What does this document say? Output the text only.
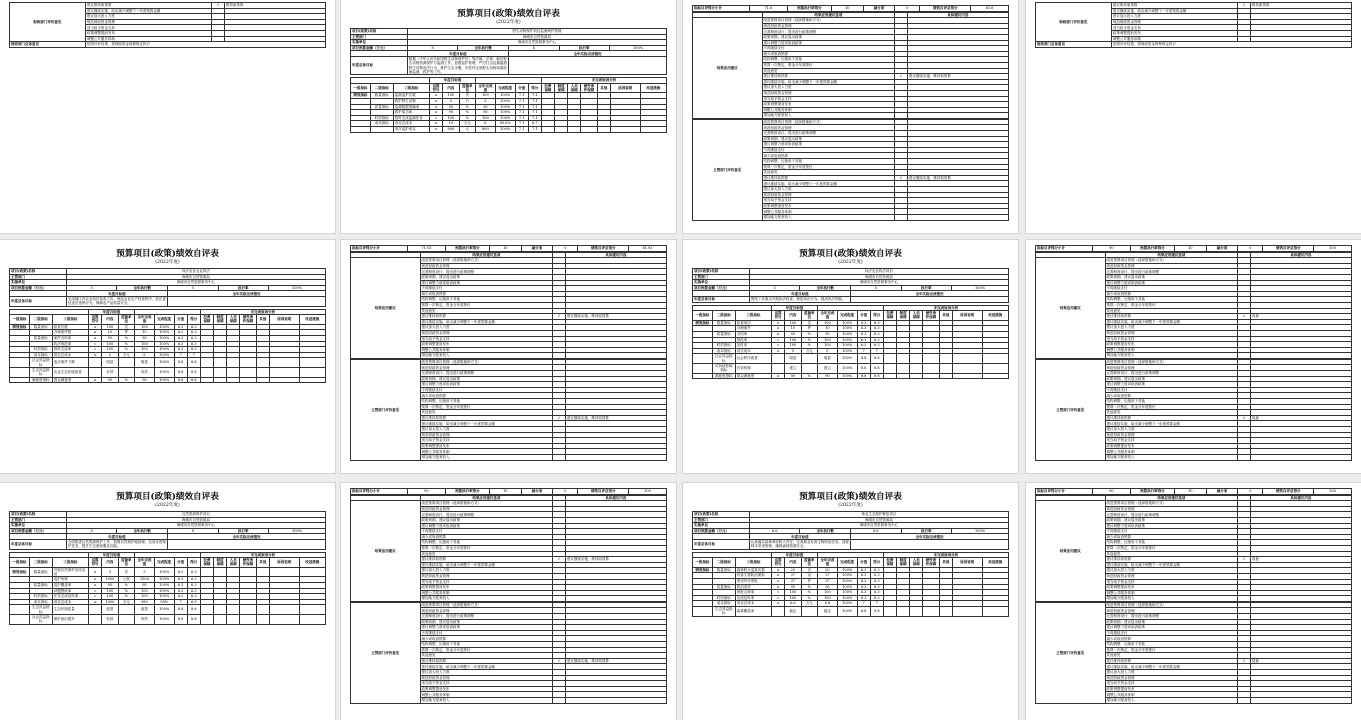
财政部门评价意见	建议维持原预算	√	维持原预算
建议继续实施，给出减少调整下一年度预算金额		
建议加大投入力度		
规范财政资金管理		
适当给予资金支持		
政策调整提前发布		
调整公共服务体制		
财政部门总体意见	依照评价结果，按财政资金管理规定执行
预算项目(政策)绩效自评表
(2022年度)
项目(政策)名称	野生动物保护项目监测保护管理
主管部门	海城市自然资源局
实施单位	海城市自然资源事务中心
项目预算金额（万元）	8	全年执行数	8	执行率	100%
	年度目标值	全年实际完成情况
年度总体目标	根据《中华人民共和国野生动物保护法》等法律、法规，做好野生动物资源保护与监测工作，加强巡护管理，严厉打击乱捕滥猎野生动物违法行为，维护生态平衡，年度内完成野生动物疫源疫病监测、救护等工作。	
	年度目标值		未完成原因分析
一级指标	二级指标	三级指标	运算符号	内容	度量单位	全年完成值	完成程度	分值	得分	经费保障	制度保障	人员保障	硬件条件保障	其他	原因说明	改进措施
绩效指标	数量指标	监测巡护次数	≥	100	次	100	100%	7.1	7.1							
		救护野生动物	≥	5	只	5	100%	7.1	7.1							
	质量指标	监测数据准确率	≥	95	%	95	100%	7.1	7.1							
		救护成功率	≥	90	%	90	100%	7.1	7.1							
	时效指标	按时完成监测任务	=	100	%	100	100%	7.1	7.1							
	成本指标	项目总成本	≤	10	万元	8	80.0%	7.1	6.7							
		单次巡护成本	≤	800	元	800	100%	7.1	7.1							
指标自评得分小计	71.6	预算执行率得分	10	减分项	0	绩效自评总得分	81.6
	结果应用建议选项		具体建议内容
结果应用建议	改进预算项目管理（选择措施和方式）		
规范财政资金管理		
完善制度设计，提出进行政策调整		
政策到期，建议退出政策		
建议调整力度或取消政策		
不再继续支付		
减少或取消预算		
结构调整，压缩用于其他		
预算一次核定，资金分年度拨付		
其他意见		
建议维持原预算	√	建议继续实施，维持原预算
建议继续实施，给出减少调整下一年度预算金额		
建议加大投入力度		
规范财政资金管理		
适当给予资金支持		
政策调整提前发布		
调整公共服务体制		
增加地方配套投入		
主管部门评价意见	改进预算项目管理（选择措施和方式）		
规范财政资金管理		
完善制度设计，提出进行政策调整		
政策到期，建议退出政策		
建议调整力度或取消政策		
不再继续支付		
减少或取消预算		
结构调整，压缩用于其他		
预算一次核定，资金分年度拨付		
其他意见		
建议维持原预算	√	建议继续实施，维持原预算
建议继续实施，给出减少调整下一年度预算金额		
建议加大投入力度		
规范财政资金管理		
适当给予资金支持		
政策调整提前发布		
调整公共服务体制		
增加地方配套投入		
财政部门评价意见	建议维持原预算	√	维持原预算
建议继续实施，给出减少调整下一年度预算金额		
建议加大投入力度		
规范财政资金管理		
适当给予资金支持		
政策调整提前发布		
调整公共服务体制		
财政部门总体意见	依照评价结果，按财政资金管理规定执行
预算项目(政策)绩效自评表
(2022年度)
项目(政策)名称	执法农业农业执法
主管部门	海城市自然资源局
实施单位	海城市自然资源事务中心
项目预算金额（万元）	5	全年执行数	5	执行率	100%
	年度目标值	全年实际完成情况
年度总体目标	完成辖区内农业执法检查工作，规范农业生产经营秩序，依法查处违法违规行为，保障农产品质量安全。	
	年度目标值		未完成原因分析
一级指标	二级指标	三级指标	运算符号	内容	度量单位	全年完成值	完成程度	分值	得分	经费保障	制度保障	人员保障	硬件条件保障	其他	原因说明	改进措施
绩效指标	数量指标	检查次数	≥	100	次	100	100%	6.3	6.3							
		办理案件数	≥	10	件	10	100%	6.3	6.3							
	质量指标	案件办结率	≥	95	%	95	100%	6.3	6.3							
		执法规范率	=	100	%	100	100%	6.3	6.3							
	时效指标	按时完成率	=	100	%	100	100%	6.3	6.3							
	成本指标	项目总成本	≤	5	万元	5	100%	7	7							
	社会效益指标	违法案件下降		明显		明显	100%	8.8	8.8							
	生态效益指标	农业生态环境改善		有效		有效	100%	8.8	8.8							
	满意度指标	群众满意度	≥	90	%	90	100%	8.8	8.8							
指标自评得分小计	71.93	预算执行率得分	10	减分项	0	绩效自评总得分	81.93
	结果应用建议选项		具体建议内容
结果应用建议	改进预算项目管理（选择措施和方式）		
规范财政资金管理		
完善制度设计，提出进行政策调整		
政策到期，建议退出政策		
建议调整力度或取消政策		
不再继续支付		
减少或取消预算		
结构调整，压缩用于其他		
预算一次核定，资金分年度拨付		
其他意见		
建议维持原预算	√	建议继续实施，维持原预算
建议继续实施，给出减少调整下一年度预算金额		
建议加大投入力度		
规范财政资金管理		
适当给予资金支持		
政策调整提前发布		
调整公共服务体制		
增加地方配套投入		
主管部门评价意见	改进预算项目管理（选择措施和方式）		
规范财政资金管理		
完善制度设计，提出进行政策调整		
政策到期，建议退出政策		
建议调整力度或取消政策		
不再继续支付		
减少或取消预算		
结构调整，压缩用于其他		
预算一次核定，资金分年度拨付		
其他意见		
建议维持原预算	√	建议继续实施，维持原预算
建议继续实施，给出减少调整下一年度预算金额		
建议加大投入力度		
规范财政资金管理		
适当给予资金支持		
政策调整提前发布		
调整公共服务体制		
增加地方配套投入		
预算项目(政策)绩效自评表
(2022年度)
项目(政策)名称	执法农业执法项目
主管部门	海城市自然资源局
实施单位	海城市自然资源事务中心
项目预算金额（万元）	5	全年执行数	5	执行率	100%
	年度目标值	全年实际完成情况
年度总体目标	围绕工作重点开展执法检查，规范执法行为，提高执法效能。	
	年度目标值		未完成原因分析
一级指标	二级指标	三级指标	运算符号	内容	度量单位	全年完成值	完成程度	分值	得分	经费保障	制度保障	人员保障	硬件条件保障	其他	原因说明	改进措施
绩效指标	数量指标	检查场次	≥	100	次	100	100%	6.3	6.3							
		办理案件	≥	10	件	10	100%	6.3	6.3							
	质量指标	办结率	≥	95	%	95	100%	6.3	6.3							
		规范率	=	100	%	100	100%	6.3	6.3							
	时效指标	及时率	=	100	%	100	100%	6.3	6.3							
	成本指标	项目成本	≤	5	万元	5	100%	7	7							
	社会效益指标	社会秩序改善		明显		明显	100%	8.8	8.8							
	可持续影响指标	长效机制		建立		建立	100%	8.8	8.8							
	满意度指标	群众满意度	≥	90	%	90	100%	8.8	8.8							
指标自评得分小计	90	预算执行率得分	10	减分项	0	绩效自评总得分	100
	结果应用建议选项		具体建议内容
结果应用建议	改进预算项目管理（选择措施和方式）		
规范财政资金管理		
完善制度设计，提出进行政策调整		
政策到期，建议退出政策		
建议调整力度或取消政策		
不再继续支付		
减少或取消预算		
结构调整，压缩用于其他		
预算一次核定，资金分年度拨付		
其他意见		
建议维持原预算	√	同意
建议继续实施，给出减少调整下一年度预算金额		
建议加大投入力度		
规范财政资金管理		
适当给予资金支持		
政策调整提前发布		
调整公共服务体制		
增加地方配套投入		
主管部门评价意见	改进预算项目管理（选择措施和方式）		
规范财政资金管理		
完善制度设计，提出进行政策调整		
政策到期，建议退出政策		
建议调整力度或取消政策		
不再继续支付		
减少或取消预算		
结构调整，压缩用于其他		
预算一次核定，资金分年度拨付		
其他意见		
建议维持原预算	√	同意
建议继续实施，给出减少调整下一年度预算金额		
建议加大投入力度		
规范财政资金管理		
适当给予资金支持		
政策调整提前发布		
调整公共服务体制		
增加地方配套投入		
预算项目(政策)绩效自评表
(2022年度)
项目(政策)名称	自然资源保护项目
主管部门	海城市自然资源局
实施单位	海城市自然资源事务中心
项目预算金额（万元）	8	全年执行数	8	执行率	100%
	年度目标值	全年实际完成情况
年度总体目标	全面推进自然资源保护工作，加强自然保护地管理，完成年度保护任务，提升生态系统服务功能。	
	年度目标值		未完成原因分析
一级指标	二级指标	三级指标	运算符号	内容	度量单位	全年完成值	完成程度	分值	得分	经费保障	制度保障	人员保障	硬件条件保障	其他	原因说明	改进措施
绩效指标	数量指标	开展自然保护宣传活动	≥	3	次	3	100%	6.3	6.3							
		巡护里程	≥	1000	公里	1000	100%	6.3	6.3							
	质量指标	巡护覆盖率	≥	95	%	95	100%	6.3	6.3							
		问题整改率	=	100	%	100	100%	6.3	6.3							
	时效指标	任务完成及时率	=	100	%	100	100%	6.3	6.3							
	成本指标	项目总成本	≤	1000	万元	980	98%	7	6.9							
	生态效益指标	生态环境质量		改善		改善	100%	8.8	8.8							
	社会效益指标	保护意识提升		有效		有效	100%	8.8	8.8							
指标自评得分小计	90	预算执行率得分	10	减分项	0	绩效自评总得分	100
	结果应用建议选项		具体建议内容
结果应用建议	改进预算项目管理（选择措施和方式）		
规范财政资金管理		
完善制度设计，提出进行政策调整		
政策到期，建议退出政策		
建议调整力度或取消政策		
不再继续支付		
减少或取消预算		
结构调整，压缩用于其他		
预算一次核定，资金分年度拨付		
其他意见		
建议维持原预算	√	建议继续实施，维持原预算
建议继续实施，给出减少调整下一年度预算金额		
建议加大投入力度		
规范财政资金管理		
适当给予资金支持		
政策调整提前发布		
调整公共服务体制		
增加地方配套投入		
主管部门评价意见	改进预算项目管理（选择措施和方式）		
规范财政资金管理		
完善制度设计，提出进行政策调整		
政策到期，建议退出政策		
建议调整力度或取消政策		
不再继续支付		
减少或取消预算		
结构调整，压缩用于其他		
预算一次核定，资金分年度拨付		
其他意见		
建议维持原预算	√	建议继续实施，维持原预算
建议继续实施，给出减少调整下一年度预算金额		
建议加大投入力度		
规范财政资金管理		
适当给予资金支持		
政策调整提前发布		
调整公共服务体制		
增加地方配套投入		
预算项目(政策)绩效自评表
(2022年度)
项目(政策)名称	林业生态保护修复项目
主管部门	海城市自然资源局
实施单位	海城市自然资源事务中心
项目预算金额（万元）	6.6	全年执行数	6.6	执行率	100%
	年度目标值	全年实际完成情况
年度总体目标	认真落实森林草原防火责任，完成林业有害生物防治任务，加强林木采伐管理，确保森林资源安全。	
	年度目标值		未完成原因分析
一级指标	二级指标	三级指标	运算符号	内容	度量单位	全年完成值	完成程度	分值	得分	经费保障	制度保障	人员保障	硬件条件保障	其他	原因说明	改进措施
绩效指标	数量指标	森林防火巡查次数	≥	20	次	20	100%	6.3	6.3							
		有害生物防治面积	≥	37	亩	37	100%	6.3	6.3							
		采伐许可审批	≥	37	件	37	100%	6.3	6.3							
	质量指标	防治成效	≥	95	%	95	100%	6.3	6.3							
		审批合规率	=	100	%	100	100%	6.3	6.3							
	时效指标	完成及时率	=	100	%	100	100%	6.3	6.3							
	成本指标	项目总成本	≤	6.6	万元	6.6	100%	7	7							
	生态效益指标	森林覆盖率		稳定		稳定	100%	8.8	8.8							
指标自评得分小计	90	预算执行率得分	10	减分项	0	绩效自评总得分	100
	结果应用建议选项		具体建议内容
结果应用建议	改进预算项目管理（选择措施和方式）		
规范财政资金管理		
完善制度设计，提出进行政策调整		
政策到期，建议退出政策		
建议调整力度或取消政策		
不再继续支付		
减少或取消预算		
结构调整，压缩用于其他		
预算一次核定，资金分年度拨付		
其他意见		
建议维持原预算	√	同意
建议继续实施，给出减少调整下一年度预算金额		
建议加大投入力度		
规范财政资金管理		
适当给予资金支持		
政策调整提前发布		
调整公共服务体制		
增加地方配套投入		
主管部门评价意见	改进预算项目管理（选择措施和方式）		
规范财政资金管理		
完善制度设计，提出进行政策调整		
政策到期，建议退出政策		
建议调整力度或取消政策		
不再继续支付		
减少或取消预算		
结构调整，压缩用于其他		
预算一次核定，资金分年度拨付		
其他意见		
建议维持原预算	√	同意
建议继续实施，给出减少调整下一年度预算金额		
建议加大投入力度		
规范财政资金管理		
适当给予资金支持		
政策调整提前发布		
调整公共服务体制		
增加地方配套投入		
